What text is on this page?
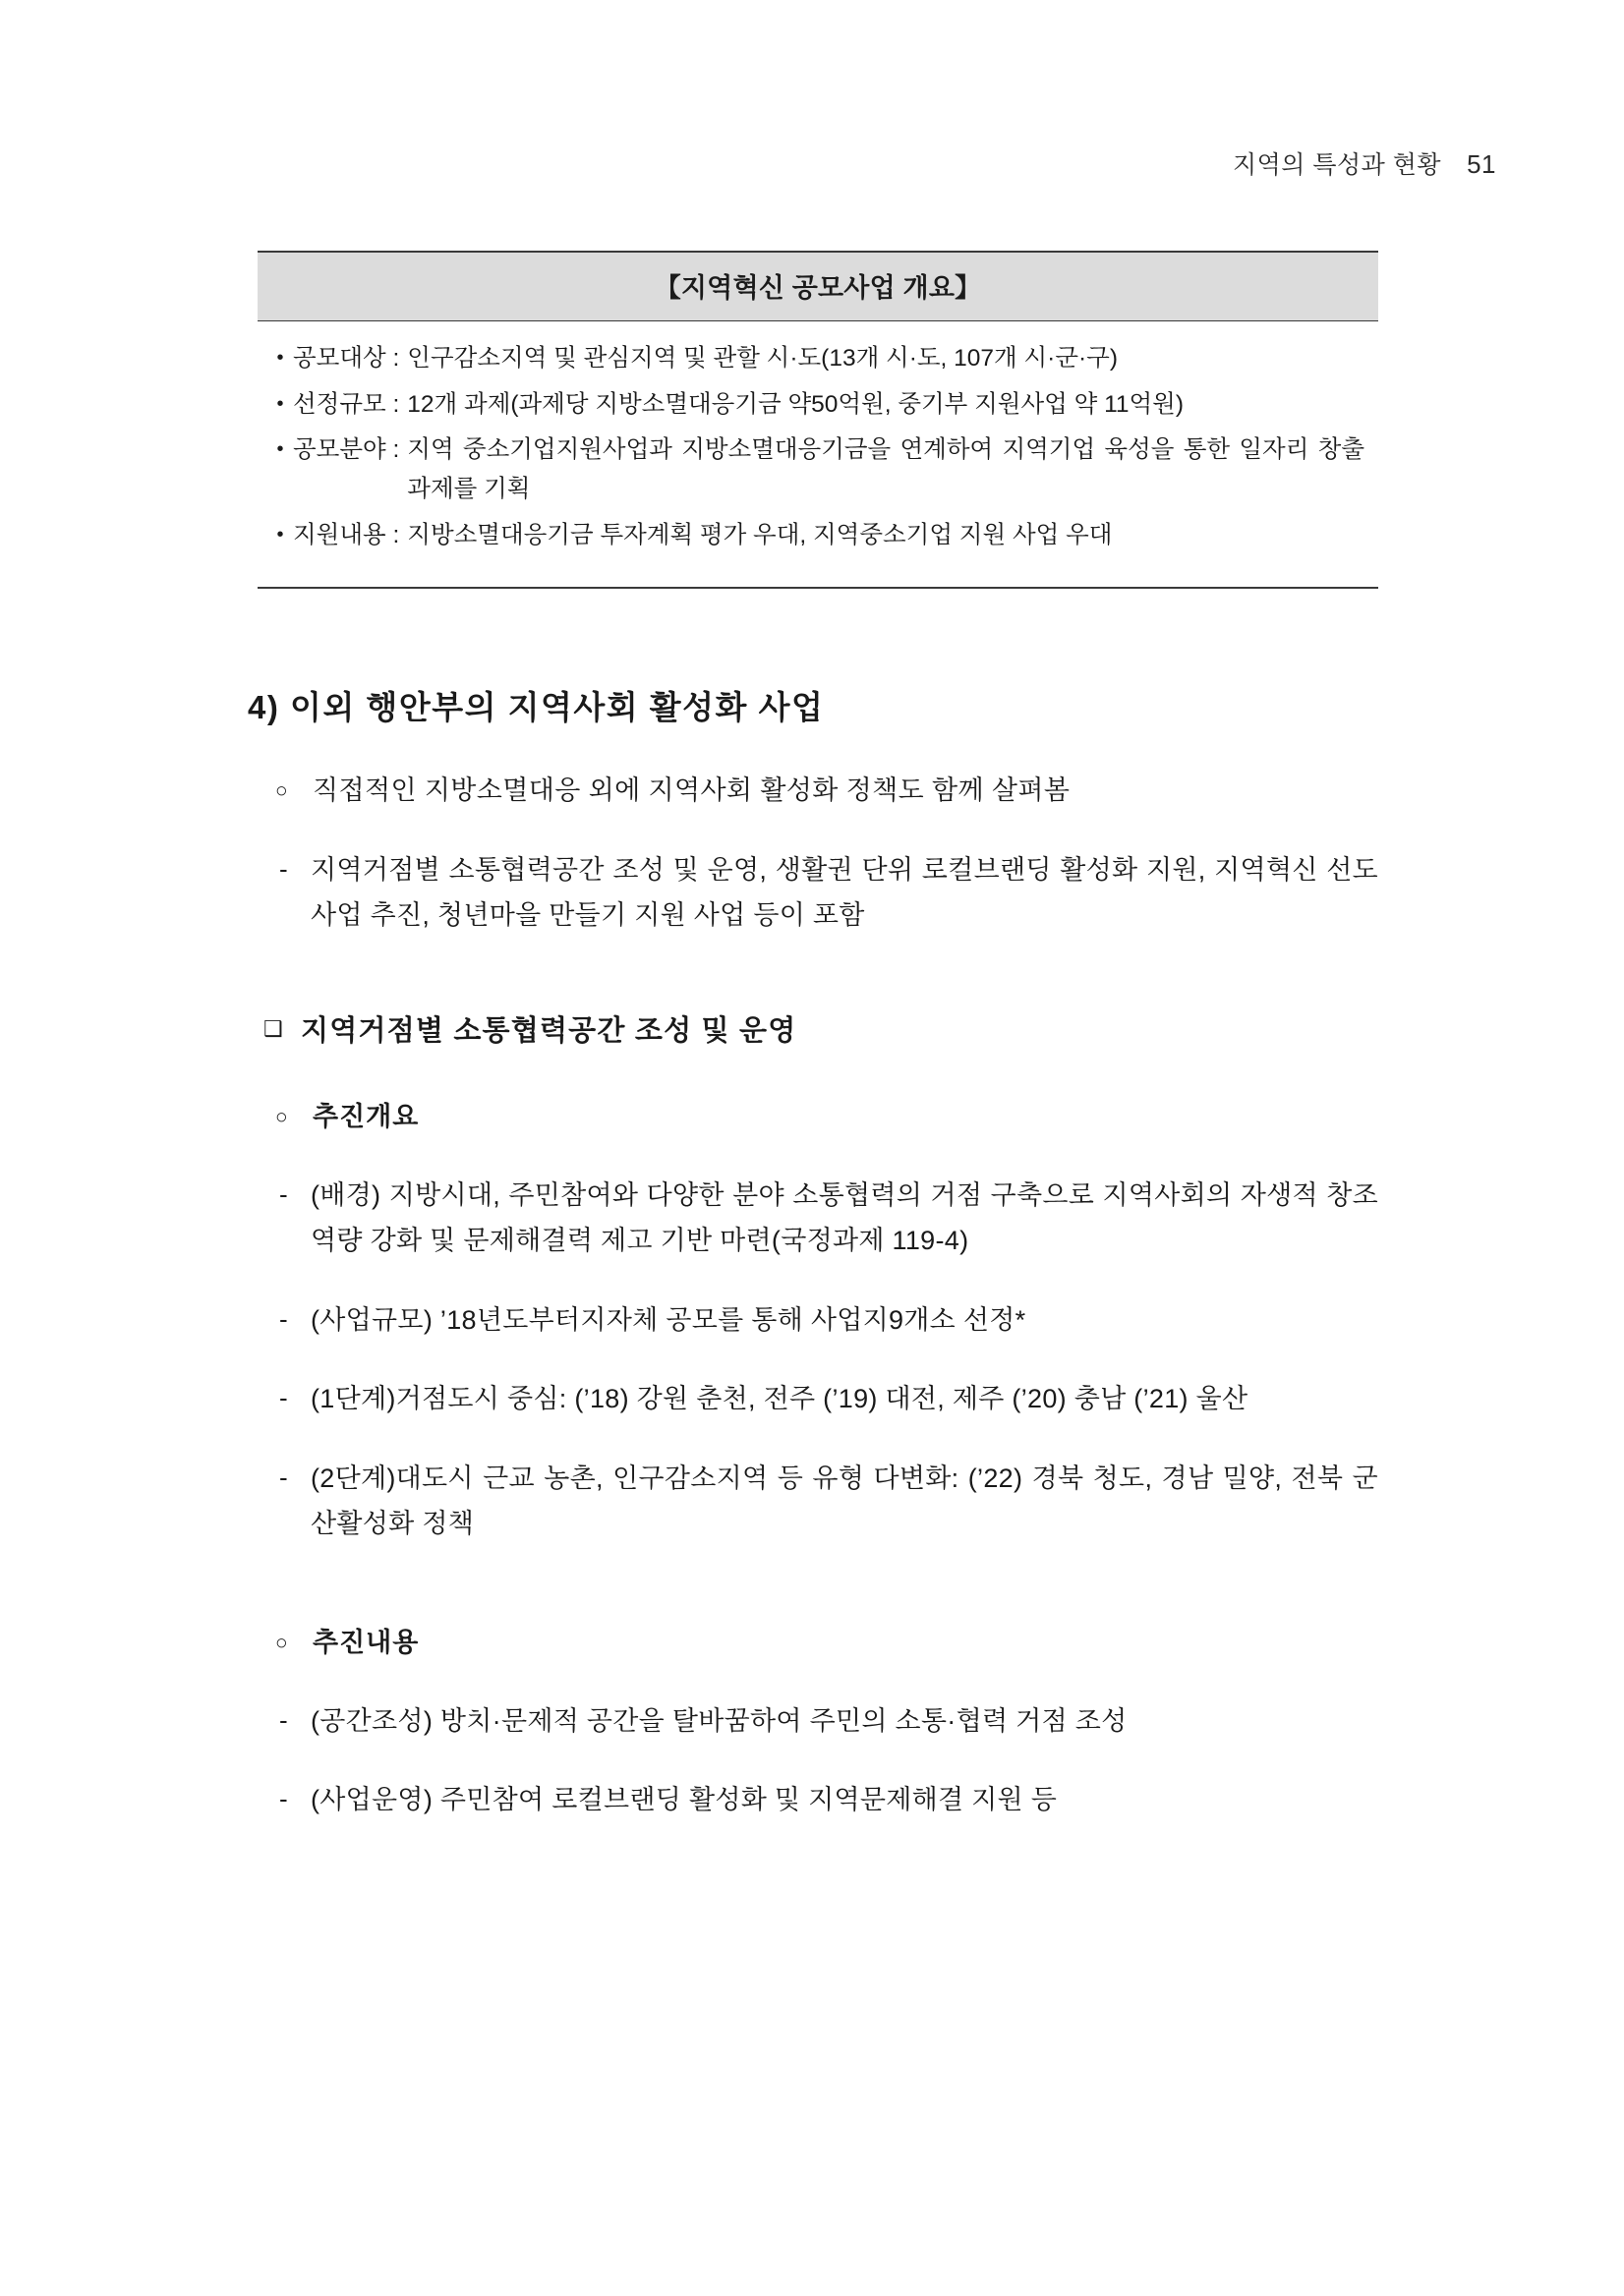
지역의 특성과 현황 51
【지역혁신 공모사업 개요】
• 공모대상 : 인구감소지역 및 관심지역 및 관할 시·도(13개 시·도, 107개 시·군·구)
• 선정규모 : 12개 과제(과제당 지방소멸대응기금 약50억원, 중기부 지원사업 약 11억원)
• 공모분야 : 지역 중소기업지원사업과 지방소멸대응기금을 연계하여 지역기업 육성을 통한 일자리 창출과제를 기획
• 지원내용 : 지방소멸대응기금 투자계획 평가 우대, 지역중소기업 지원 사업 우대
4) 이외 행안부의 지역사회 활성화 사업
○ 직접적인 지방소멸대응 외에 지역사회 활성화 정책도 함께 살펴봄
- 지역거점별 소통협력공간 조성 및 운영, 생활권 단위 로컬브랜딩 활성화 지원, 지역혁신 선도사업 추진, 청년마을 만들기 지원 사업 등이 포함
❑ 지역거점별 소통협력공간 조성 및 운영
○ 추진개요
- (배경) 지방시대, 주민참여와 다양한 분야 소통협력의 거점 구축으로 지역사회의 자생적 창조역량 강화 및 문제해결력 제고 기반 마련(국정과제 119-4)
- (사업규모) ’18년도부터지자체 공모를 통해 사업지9개소 선정*
- (1단계)거점도시 중심: (’18) 강원 춘천, 전주 (’19) 대전, 제주 (’20) 충남 (’21) 울산
- (2단계)대도시 근교 농촌, 인구감소지역 등 유형 다변화: (’22) 경북 청도, 경남 밀양, 전북 군산활성화 정책
○ 추진내용
- (공간조성) 방치·문제적 공간을 탈바꿈하여 주민의 소통·협력 거점 조성
- (사업운영) 주민참여 로컬브랜딩 활성화 및 지역문제해결 지원 등
